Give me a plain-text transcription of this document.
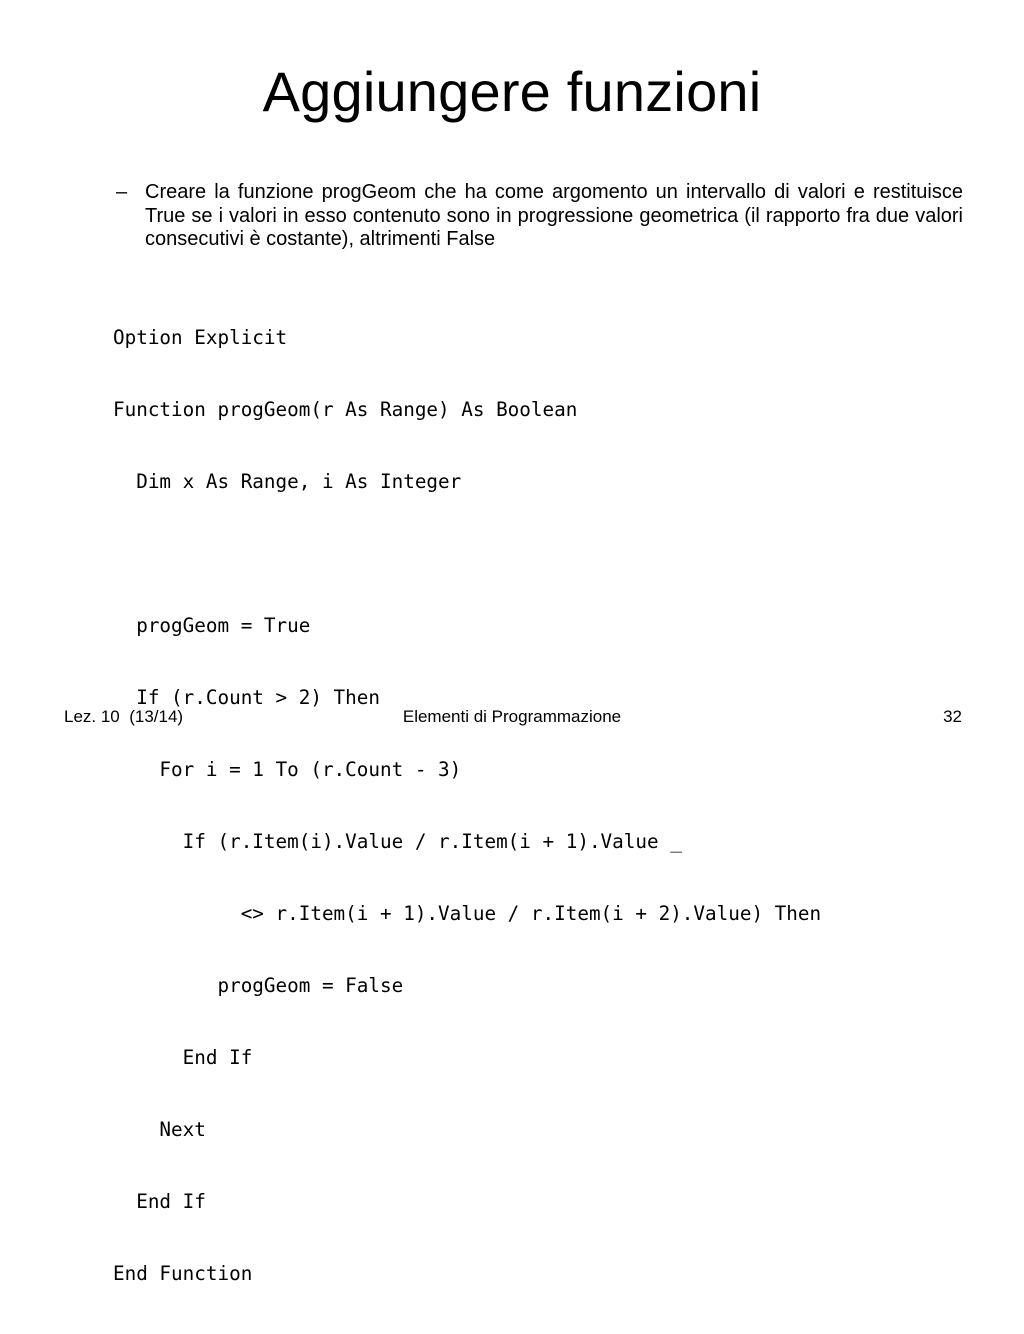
Aggiungere funzioni
– Creare la funzione progGeom che ha come argomento un intervallo di valori e restituisce True se i valori in esso contenuto sono in progressione geometrica (il rapporto fra due valori consecutivi è costante), altrimenti False

Option Explicit

Function progGeom(r As Range) As Boolean

Dim x As Range, i As Integer

progGeom = True

If (r.Count > 2) Then

For i = 1 To (r.Count - 3)

If (r.Item(i).Value / r.Item(i + 1).Value _

<> r.Item(i + 1).Value / r.Item(i + 2).Value) Then

progGeom = False

End If

Next

End If

End Function

Lez. 10  (13/14)	Elementi di Programmazione	32
